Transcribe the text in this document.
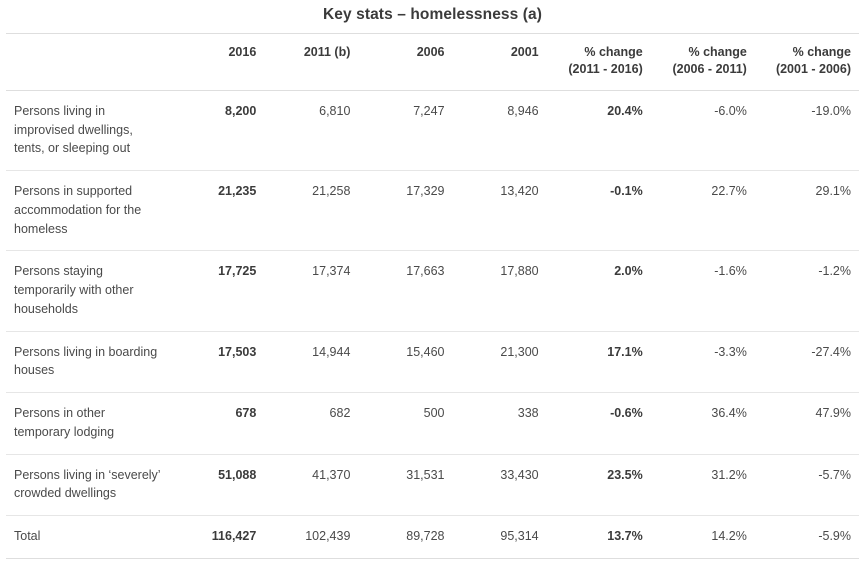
Key stats – homelessness (a)
	2016	2011 (b)	2006	2001	% change (2011 - 2016)	% change (2006 - 2011)	% change (2001 - 2006)
Persons living in improvised dwellings, tents, or sleeping out	8,200	6,810	7,247	8,946	20.4%	-6.0%	-19.0%
Persons in supported accommodation for the homeless	21,235	21,258	17,329	13,420	-0.1%	22.7%	29.1%
Persons staying temporarily with other households	17,725	17,374	17,663	17,880	2.0%	-1.6%	-1.2%
Persons living in boarding houses	17,503	14,944	15,460	21,300	17.1%	-3.3%	-27.4%
Persons in other temporary lodging	678	682	500	338	-0.6%	36.4%	47.9%
Persons living in ‘severely’ crowded dwellings	51,088	41,370	31,531	33,430	23.5%	31.2%	-5.7%
Total	116,427	102,439	89,728	95,314	13.7%	14.2%	-5.9%
